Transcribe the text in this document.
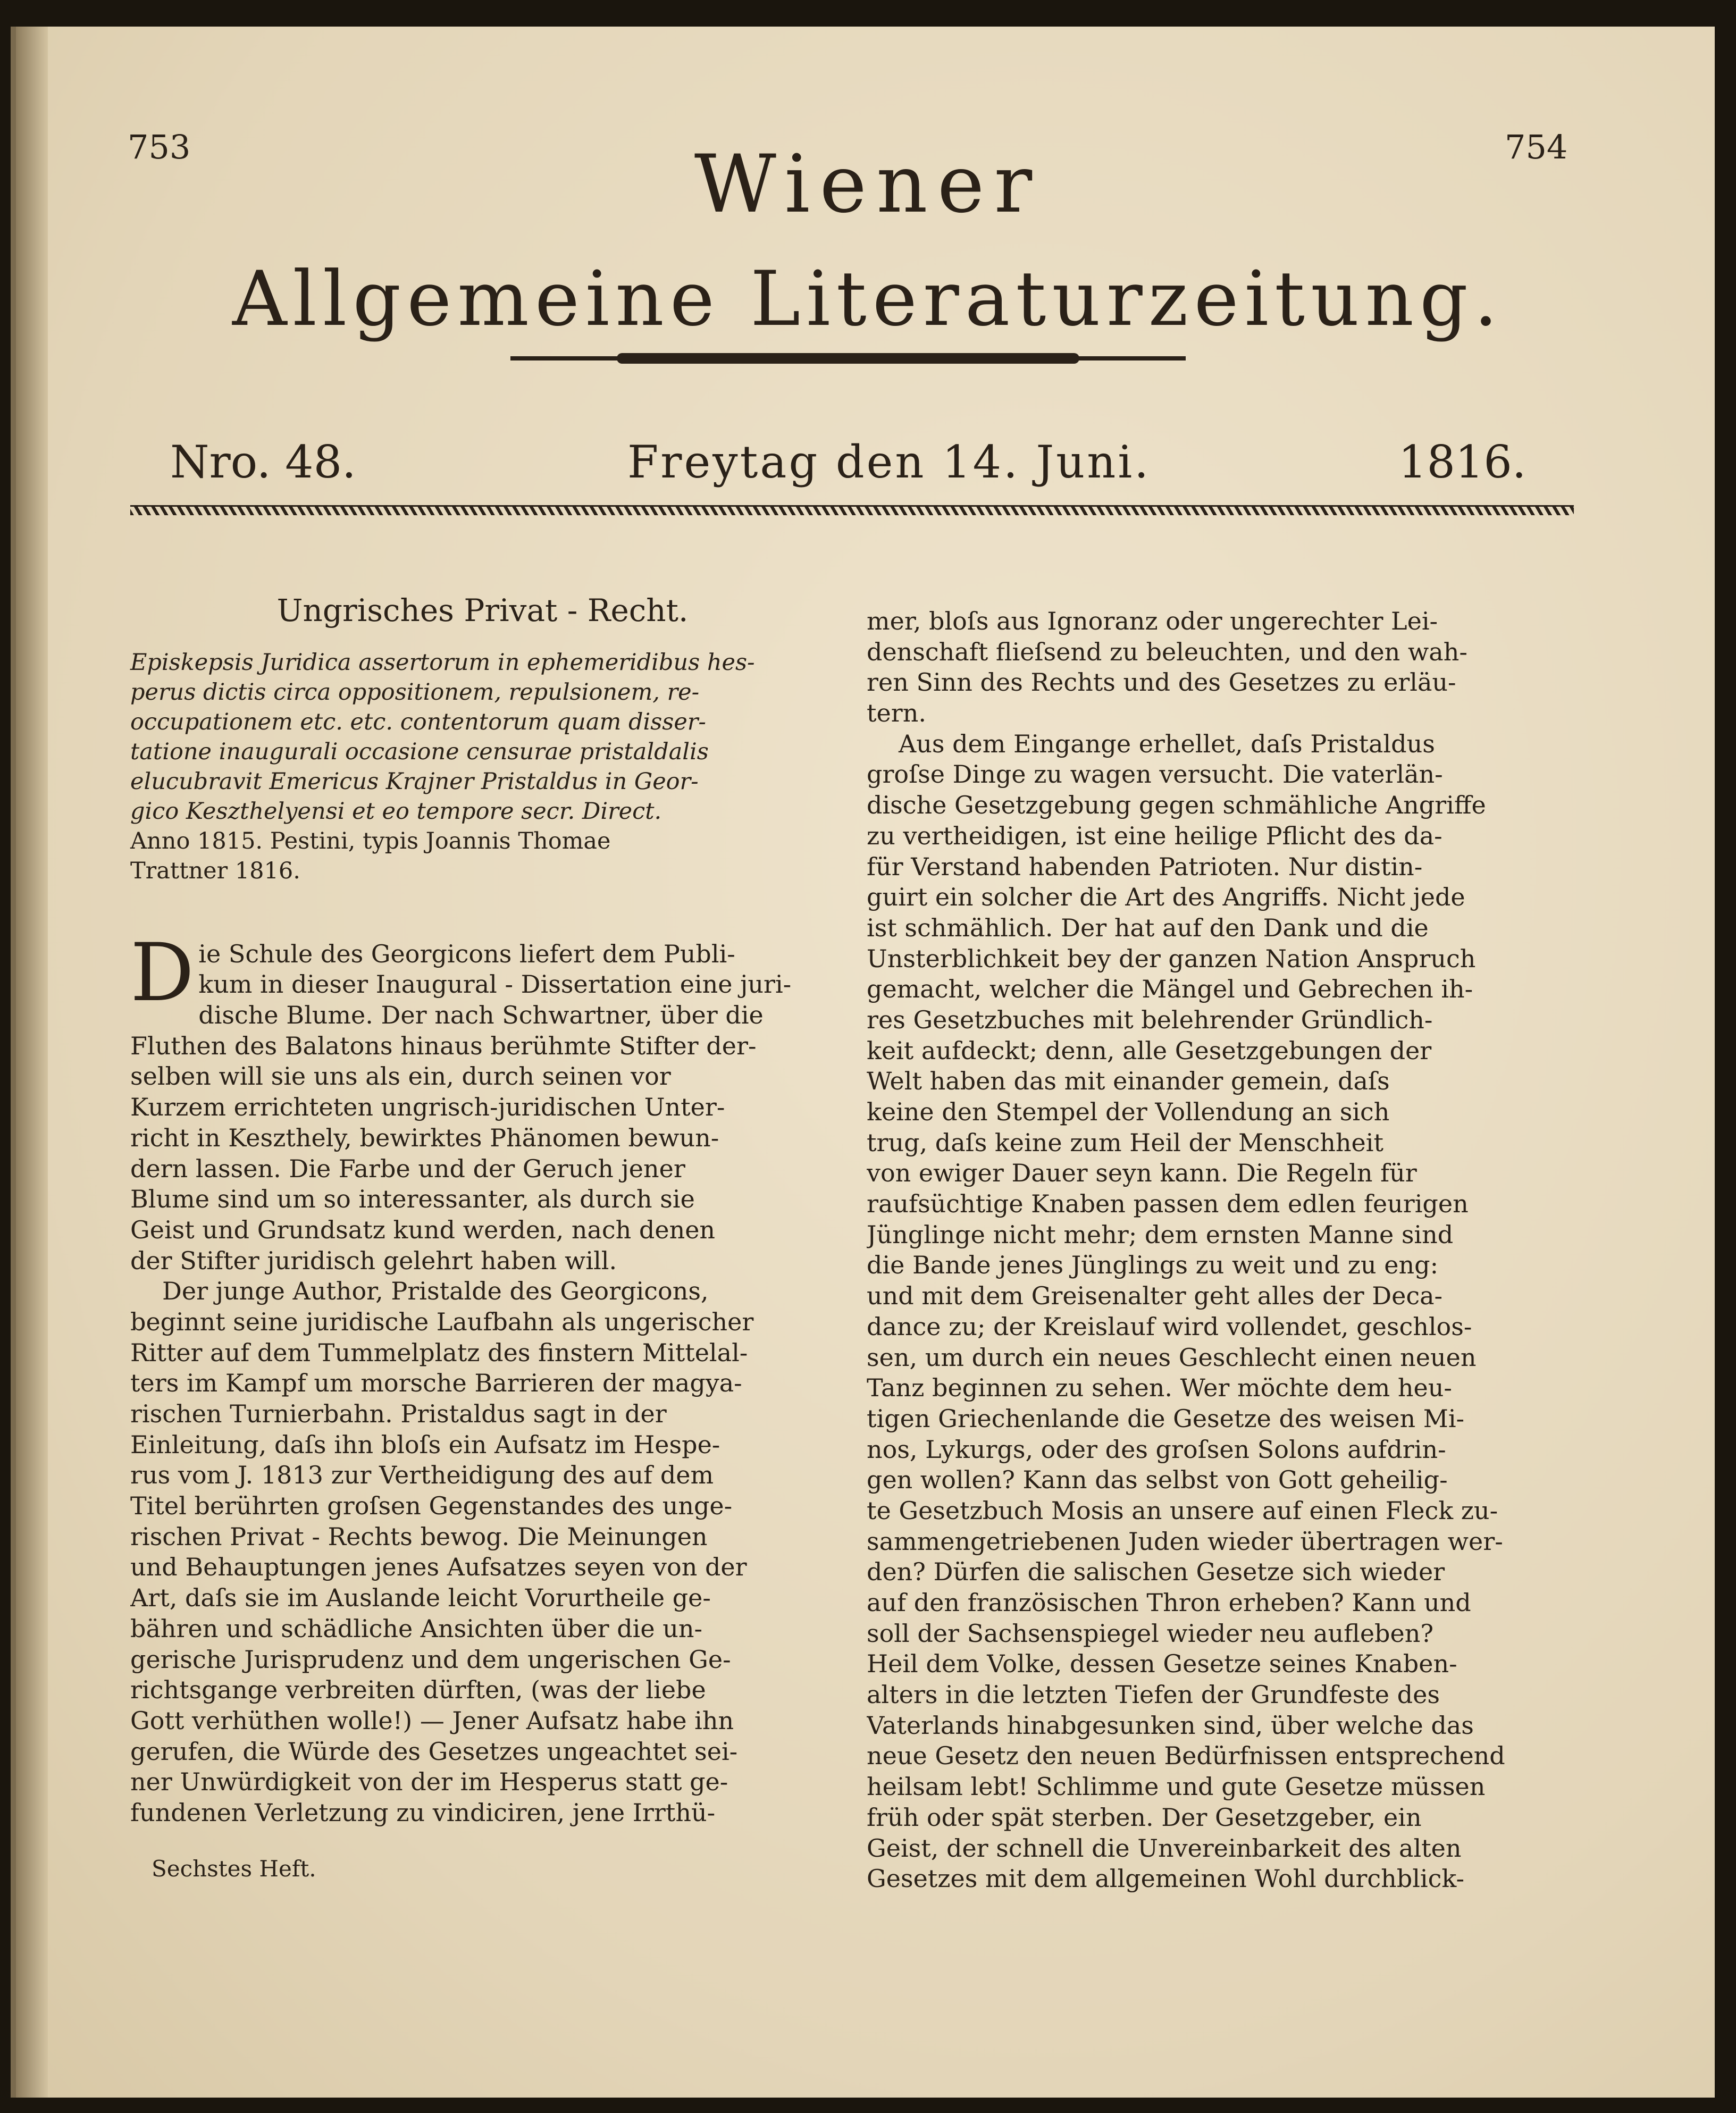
753	754
Wiener
Allgemeine Literaturzeitung.
Nro. 48.	Freytag den 14. Juni.	1816.
Ungrisches Privat - Recht.
Episkepsis Juridica assertorum in ephemeridibus hes-
perus dictis circa oppositionem, repulsionem, re-
occupationem etc. etc. contentorum quam disser-
tatione inaugurali occasione censurae pristaldalis
elucubravit Emericus Krajner Pristaldus in Geor-
gico Keszthelyensi et eo tempore secr. Direct.
Anno 1815. Pestini, typis Joannis Thomae
Trattner 1816.
D ie Schule des Georgicons liefert dem Publi-
kum in dieser Inaugural - Dissertation eine juri-
dische Blume. Der nach Schwartner, über die
Fluthen des Balatons hinaus berühmte Stifter der-
selben will sie uns als ein, durch seinen vor
Kurzem errichteten ungrisch-juridischen Unter-
richt in Keszthely, bewirktes Phänomen bewun-
dern lassen. Die Farbe und der Geruch jener
Blume sind um so interessanter, als durch sie
Geist und Grundsatz kund werden, nach denen
der Stifter juridisch gelehrt haben will.
Der junge Author, Pristalde des Georgicons,
beginnt seine juridische Laufbahn als ungerischer
Ritter auf dem Tummelplatz des finstern Mittelal-
ters im Kampf um morsche Barrieren der magya-
rischen Turnierbahn. Pristaldus sagt in der
Einleitung, daſs ihn bloſs ein Aufsatz im Hespe-
rus vom J. 1813 zur Vertheidigung des auf dem
Titel berührten groſsen Gegenstandes des unge-
rischen Privat - Rechts bewog. Die Meinungen
und Behauptungen jenes Aufsatzes seyen von der
Art, daſs sie im Auslande leicht Vorurtheile ge-
bähren und schädliche Ansichten über die un-
gerische Jurisprudenz und dem ungerischen Ge-
richtsgange verbreiten dürften, (was der liebe
Gott verhüthen wolle!) — Jener Aufsatz habe ihn
gerufen, die Würde des Gesetzes ungeachtet sei-
ner Unwürdigkeit von der im Hesperus statt ge-
fundenen Verletzung zu vindiciren, jene Irrthü-
mer, bloſs aus Ignoranz oder ungerechter Lei-
denschaft flieſsend zu beleuchten, und den wah-
ren Sinn des Rechts und des Gesetzes zu erläu-
tern.
Aus dem Eingange erhellet, daſs Pristaldus
groſse Dinge zu wagen versucht. Die vaterlän-
dische Gesetzgebung gegen schmähliche Angriffe
zu vertheidigen, ist eine heilige Pflicht des da-
für Verstand habenden Patrioten. Nur distin-
guirt ein solcher die Art des Angriffs. Nicht jede
ist schmählich. Der hat auf den Dank und die
Unsterblichkeit bey der ganzen Nation Anspruch
gemacht, welcher die Mängel und Gebrechen ih-
res Gesetzbuches mit belehrender Gründlich-
keit aufdeckt; denn, alle Gesetzgebungen der
Welt haben das mit einander gemein, daſs
keine den Stempel der Vollendung an sich
trug, daſs keine zum Heil der Menschheit
von ewiger Dauer seyn kann. Die Regeln für
raufsüchtige Knaben passen dem edlen feurigen
Jünglinge nicht mehr; dem ernsten Manne sind
die Bande jenes Jünglings zu weit und zu eng:
und mit dem Greisenalter geht alles der Deca-
dance zu; der Kreislauf wird vollendet, geschlos-
sen, um durch ein neues Geschlecht einen neuen
Tanz beginnen zu sehen. Wer möchte dem heu-
tigen Griechenlande die Gesetze des weisen Mi-
nos, Lykurgs, oder des groſsen Solons aufdrin-
gen wollen? Kann das selbst von Gott geheilig-
te Gesetzbuch Mosis an unsere auf einen Fleck zu-
sammengetriebenen Juden wieder übertragen wer-
den? Dürfen die salischen Gesetze sich wieder
auf den französischen Thron erheben? Kann und
soll der Sachsenspiegel wieder neu aufleben?
Heil dem Volke, dessen Gesetze seines Knaben-
alters in die letzten Tiefen der Grundfeste des
Vaterlands hinabgesunken sind, über welche das
neue Gesetz den neuen Bedürfnissen entsprechend
heilsam lebt! Schlimme und gute Gesetze müssen
früh oder spät sterben. Der Gesetzgeber, ein
Geist, der schnell die Unvereinbarkeit des alten
Gesetzes mit dem allgemeinen Wohl durchblick-
Sechstes Heft.
